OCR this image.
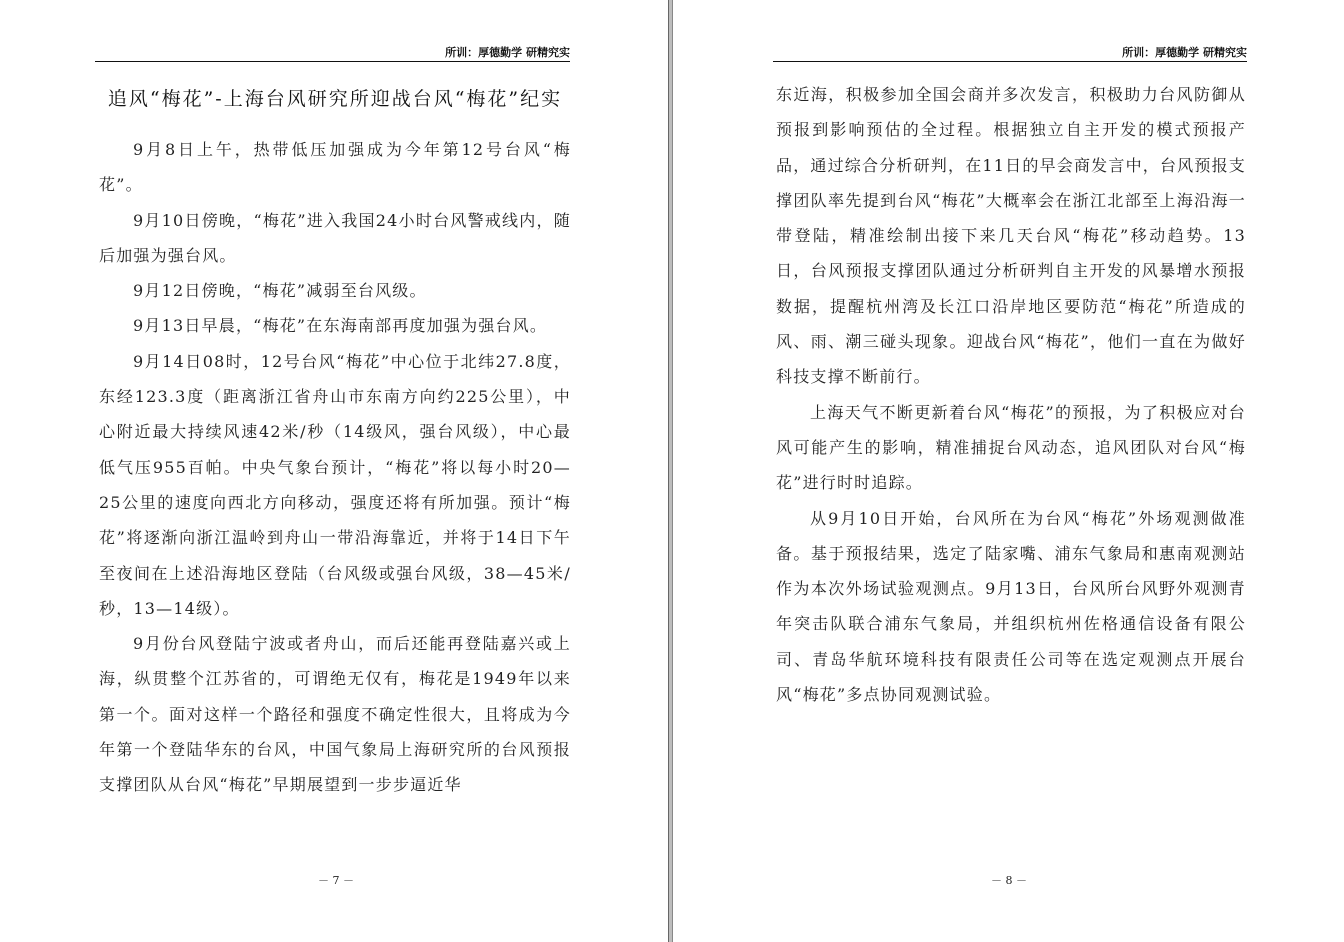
所训：厚德勤学 研精究实
追风“梅花”-上海台风研究所迎战台风“梅花”纪实

9月8日上午，热带低压加强成为今年第12号台风“梅花”。

9月10日傍晚，“梅花”进入我国24小时台风警戒线内，随后加强为强台风。

9月12日傍晚，“梅花”减弱至台风级。

9月13日早晨，“梅花”在东海南部再度加强为强台风。

9月14日08时，12号台风“梅花”中心位于北纬27.8度，东经123.3度（距离浙江省舟山市东南方向约225公里），中心附近最大持续风速42米/秒（14级风，强台风级），中心最低气压955百帕。中央气象台预计，“梅花”将以每小时20—25公里的速度向西北方向移动，强度还将有所加强。预计“梅花”将逐渐向浙江温岭到舟山一带沿海靠近，并将于14日下午至夜间在上述沿海地区登陆（台风级或强台风级，38—45米/秒，13—14级）。

9月份台风登陆宁波或者舟山，而后还能再登陆嘉兴或上海，纵贯整个江苏省的，可谓绝无仅有，梅花是1949年以来第一个。面对这样一个路径和强度不确定性很大，且将成为今年第一个登陆华东的台风，中国气象局上海研究所的台风预报支撑团队从台风“梅花”早期展望到一步步逼近华

－ 7 －
所训：厚德勤学 研精究实

东近海，积极参加全国会商并多次发言，积极助力台风防御从预报到影响预估的全过程。根据独立自主开发的模式预报产品，通过综合分析研判，在11日的早会商发言中，台风预报支撑团队率先提到台风“梅花”大概率会在浙江北部至上海沿海一带登陆，精准绘制出接下来几天台风“梅花”移动趋势。13日，台风预报支撑团队通过分析研判自主开发的风暴增水预报数据，提醒杭州湾及长江口沿岸地区要防范“梅花”所造成的风、雨、潮三碰头现象。迎战台风“梅花”，他们一直在为做好科技支撑不断前行。

上海天气不断更新着台风“梅花”的预报，为了积极应对台风可能产生的影响，精准捕捉台风动态，追风团队对台风“梅花”进行时时追踪。

从9月10日开始，台风所在为台风“梅花”外场观测做准备。基于预报结果，选定了陆家嘴、浦东气象局和惠南观测站作为本次外场试验观测点。9月13日，台风所台风野外观测青年突击队联合浦东气象局，并组织杭州佐格通信设备有限公司、青岛华航环境科技有限责任公司等在选定观测点开展台风“梅花”多点协同观测试验。

－ 8 －
